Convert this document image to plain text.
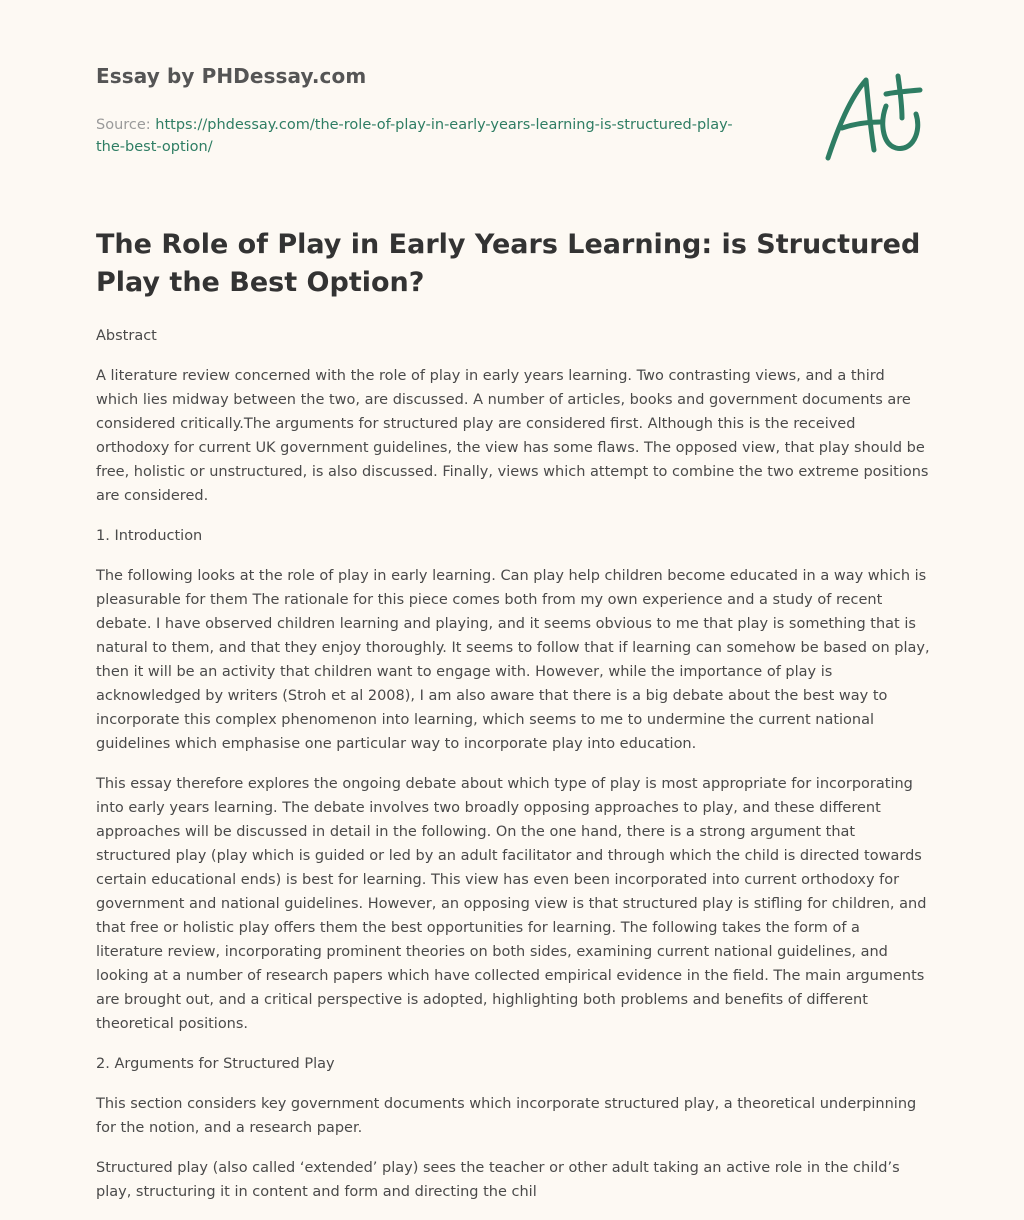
Essay by PHDessay.com
Source: https://phdessay.com/the-role-of-play-in-early-years-learning-is-structured-play-
the-best-option/
The Role of Play in Early Years Learning: is Structured Play the Best Option?

Abstract

A literature review concerned with the role of play in early years learning. Two contrasting views, and a third which lies midway between the two, are discussed. A number of articles, books and government documents are considered critically.The arguments for structured play are considered first. Although this is the received orthodoxy for current UK government guidelines, the view has some flaws. The opposed view, that play should be free, holistic or unstructured, is also discussed. Finally, views which attempt to combine the two extreme positions are considered.

1. Introduction

The following looks at the role of play in early learning. Can play help children become educated in a way which is pleasurable for them The rationale for this piece comes both from my own experience and a study of recent debate. I have observed children learning and playing, and it seems obvious to me that play is something that is natural to them, and that they enjoy thoroughly. It seems to follow that if learning can somehow be based on play, then it will be an activity that children want to engage with. However, while the importance of play is acknowledged by writers (Stroh et al 2008), I am also aware that there is a big debate about the best way to incorporate this complex phenomenon into learning, which seems to me to undermine the current national guidelines which emphasise one particular way to incorporate play into education.

This essay therefore explores the ongoing debate about which type of play is most appropriate for incorporating into early years learning. The debate involves two broadly opposing approaches to play, and these different approaches will be discussed in detail in the following. On the one hand, there is a strong argument that structured play (play which is guided or led by an adult facilitator and through which the child is directed towards certain educational ends) is best for learning. This view has even been incorporated into current orthodoxy for government and national guidelines. However, an opposing view is that structured play is stifling for children, and that free or holistic play offers them the best opportunities for learning. The following takes the form of a literature review, incorporating prominent theories on both sides, examining current national guidelines, and looking at a number of research papers which have collected empirical evidence in the field. The main arguments are brought out, and a critical perspective is adopted, highlighting both problems and benefits of different theoretical positions.

2. Arguments for Structured Play

This section considers key government documents which incorporate structured play, a theoretical underpinning for the notion, and a research paper.

Structured play (also called ‘extended’ play) sees the teacher or other adult taking an active role in the child’s play, structuring it in content and form and directing the chil
